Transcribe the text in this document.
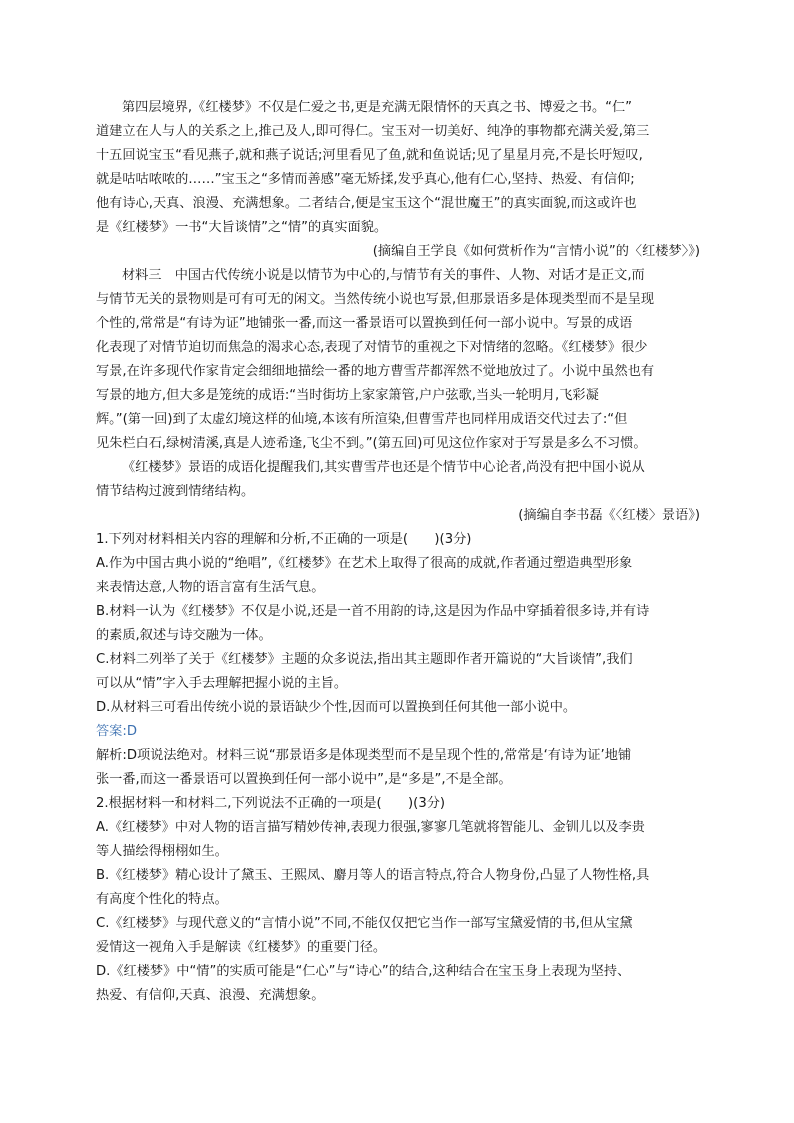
第四层境界,《红楼梦》不仅是仁爱之书,更是充满无限情怀的天真之书、博爱之书。“仁”
道建立在人与人的关系之上,推己及人,即可得仁。宝玉对一切美好、纯净的事物都充满关爱,第三
十五回说宝玉“看见燕子,就和燕子说话;河里看见了鱼,就和鱼说话;见了星星月亮,不是长吁短叹,
就是咕咕哝哝的……”宝玉之“多情而善感”毫无矫揉,发乎真心,他有仁心,坚持、热爱、有信仰;
他有诗心,天真、浪漫、充满想象。二者结合,便是宝玉这个“混世魔王”的真实面貌,而这或许也
是《红楼梦》一书“大旨谈情”之“情”的真实面貌。
(摘编自王学良《如何赏析作为“言情小说”的〈红楼梦〉》)
材料三　中国古代传统小说是以情节为中心的,与情节有关的事件、人物、对话才是正文,而
与情节无关的景物则是可有可无的闲文。当然传统小说也写景,但那景语多是体现类型而不是呈现
个性的,常常是“有诗为证”地铺张一番,而这一番景语可以置换到任何一部小说中。写景的成语
化表现了对情节迫切而焦急的渴求心态,表现了对情节的重视之下对情绪的忽略。《红楼梦》很少
写景,在许多现代作家肯定会细细地描绘一番的地方曹雪芹都浑然不觉地放过了。小说中虽然也有
写景的地方,但大多是笼统的成语:“当时街坊上家家箫管,户户弦歌,当头一轮明月,飞彩凝
辉。”(第一回)到了太虚幻境这样的仙境,本该有所渲染,但曹雪芹也同样用成语交代过去了:“但
见朱栏白石,绿树清溪,真是人迹希逢,飞尘不到。”(第五回)可见这位作家对于写景是多么不习惯。
《红楼梦》景语的成语化提醒我们,其实曹雪芹也还是个情节中心论者,尚没有把中国小说从
情节结构过渡到情绪结构。
(摘编自李书磊《〈红楼〉景语》)
1.下列对材料相关内容的理解和分析,不正确的一项是(　　)(3分)
A.作为中国古典小说的“绝唱”,《红楼梦》在艺术上取得了很高的成就,作者通过塑造典型形象
来表情达意,人物的语言富有生活气息。
B.材料一认为《红楼梦》不仅是小说,还是一首不用韵的诗,这是因为作品中穿插着很多诗,并有诗
的素质,叙述与诗交融为一体。
C.材料二列举了关于《红楼梦》主题的众多说法,指出其主题即作者开篇说的“大旨谈情”,我们
可以从“情”字入手去理解把握小说的主旨。
D.从材料三可看出传统小说的景语缺少个性,因而可以置换到任何其他一部小说中。
答案:D
解析:D项说法绝对。材料三说“那景语多是体现类型而不是呈现个性的,常常是‘有诗为证’地铺
张一番,而这一番景语可以置换到任何一部小说中”,是“多是”,不是全部。
2.根据材料一和材料二,下列说法不正确的一项是(　　)(3分)
A.《红楼梦》中对人物的语言描写精妙传神,表现力很强,寥寥几笔就将智能儿、金钏儿以及李贵
等人描绘得栩栩如生。
B.《红楼梦》精心设计了黛玉、王熙凤、麝月等人的语言特点,符合人物身份,凸显了人物性格,具
有高度个性化的特点。
C.《红楼梦》与现代意义的“言情小说”不同,不能仅仅把它当作一部写宝黛爱情的书,但从宝黛
爱情这一视角入手是解读《红楼梦》的重要门径。
D.《红楼梦》中“情”的实质可能是“仁心”与“诗心”的结合,这种结合在宝玉身上表现为坚持、
热爱、有信仰,天真、浪漫、充满想象。
